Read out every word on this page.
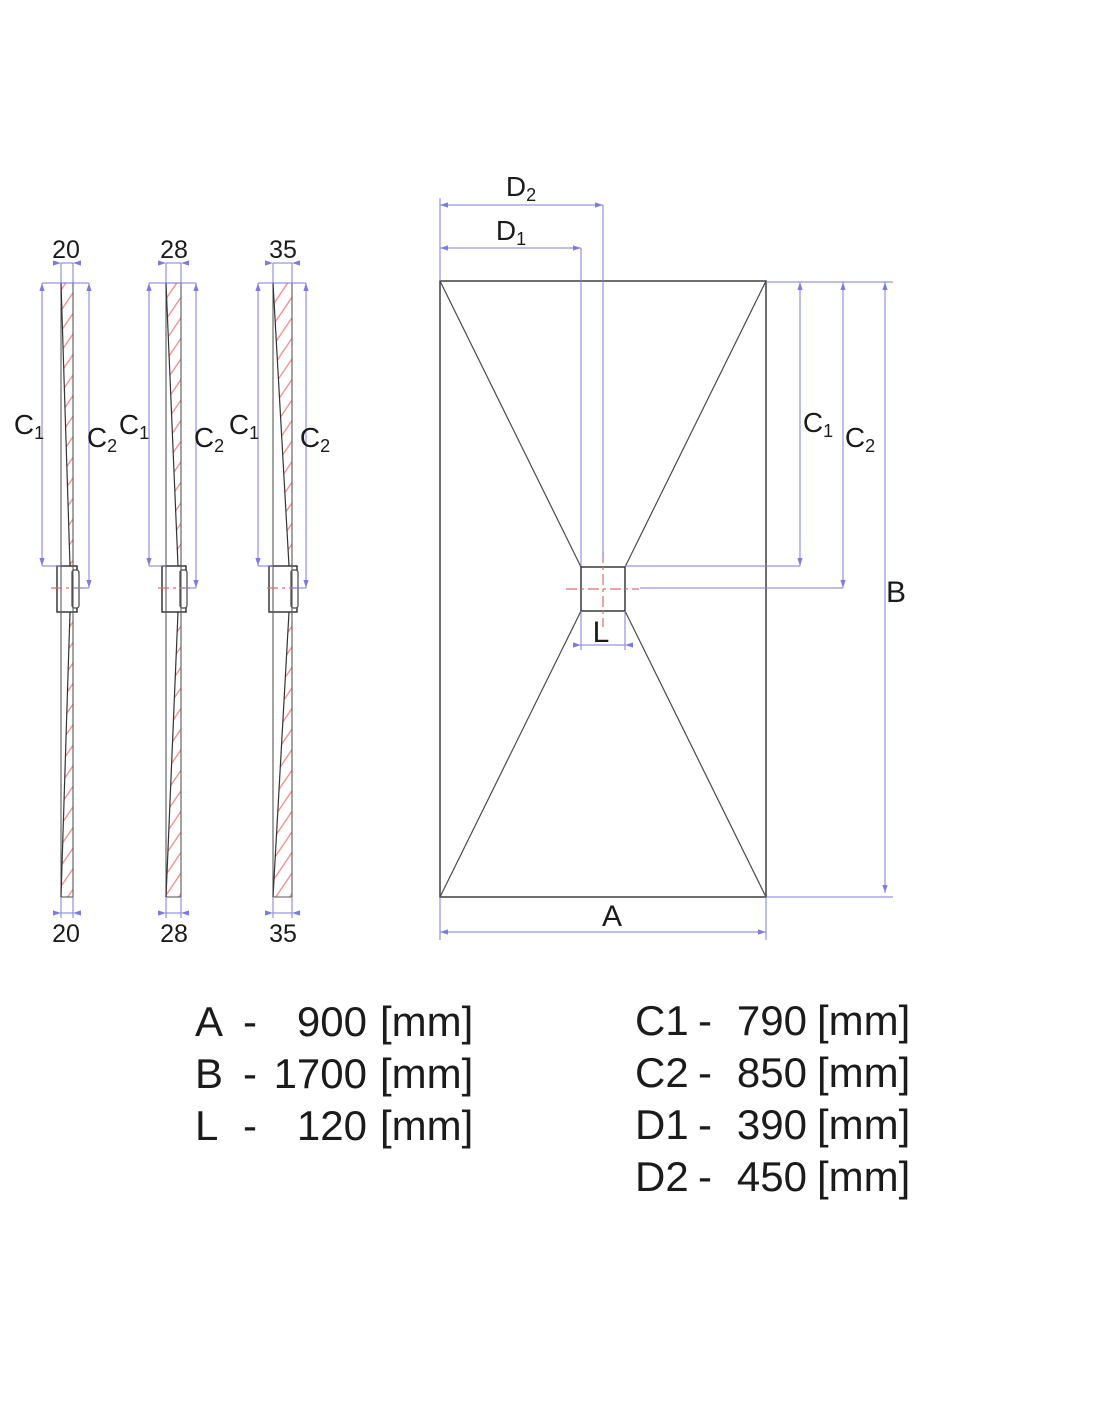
20
20
C1 C2
28
28
C1 C2
35
35
C1 C2
D2
D1
L
C1 C2
B
A
A - 900 [mm]
B - 1700 [mm]
L - 120 [mm]
C1 - 790 [mm]
C2 - 850 [mm]
D1 - 390 [mm]
D2 - 450 [mm]
